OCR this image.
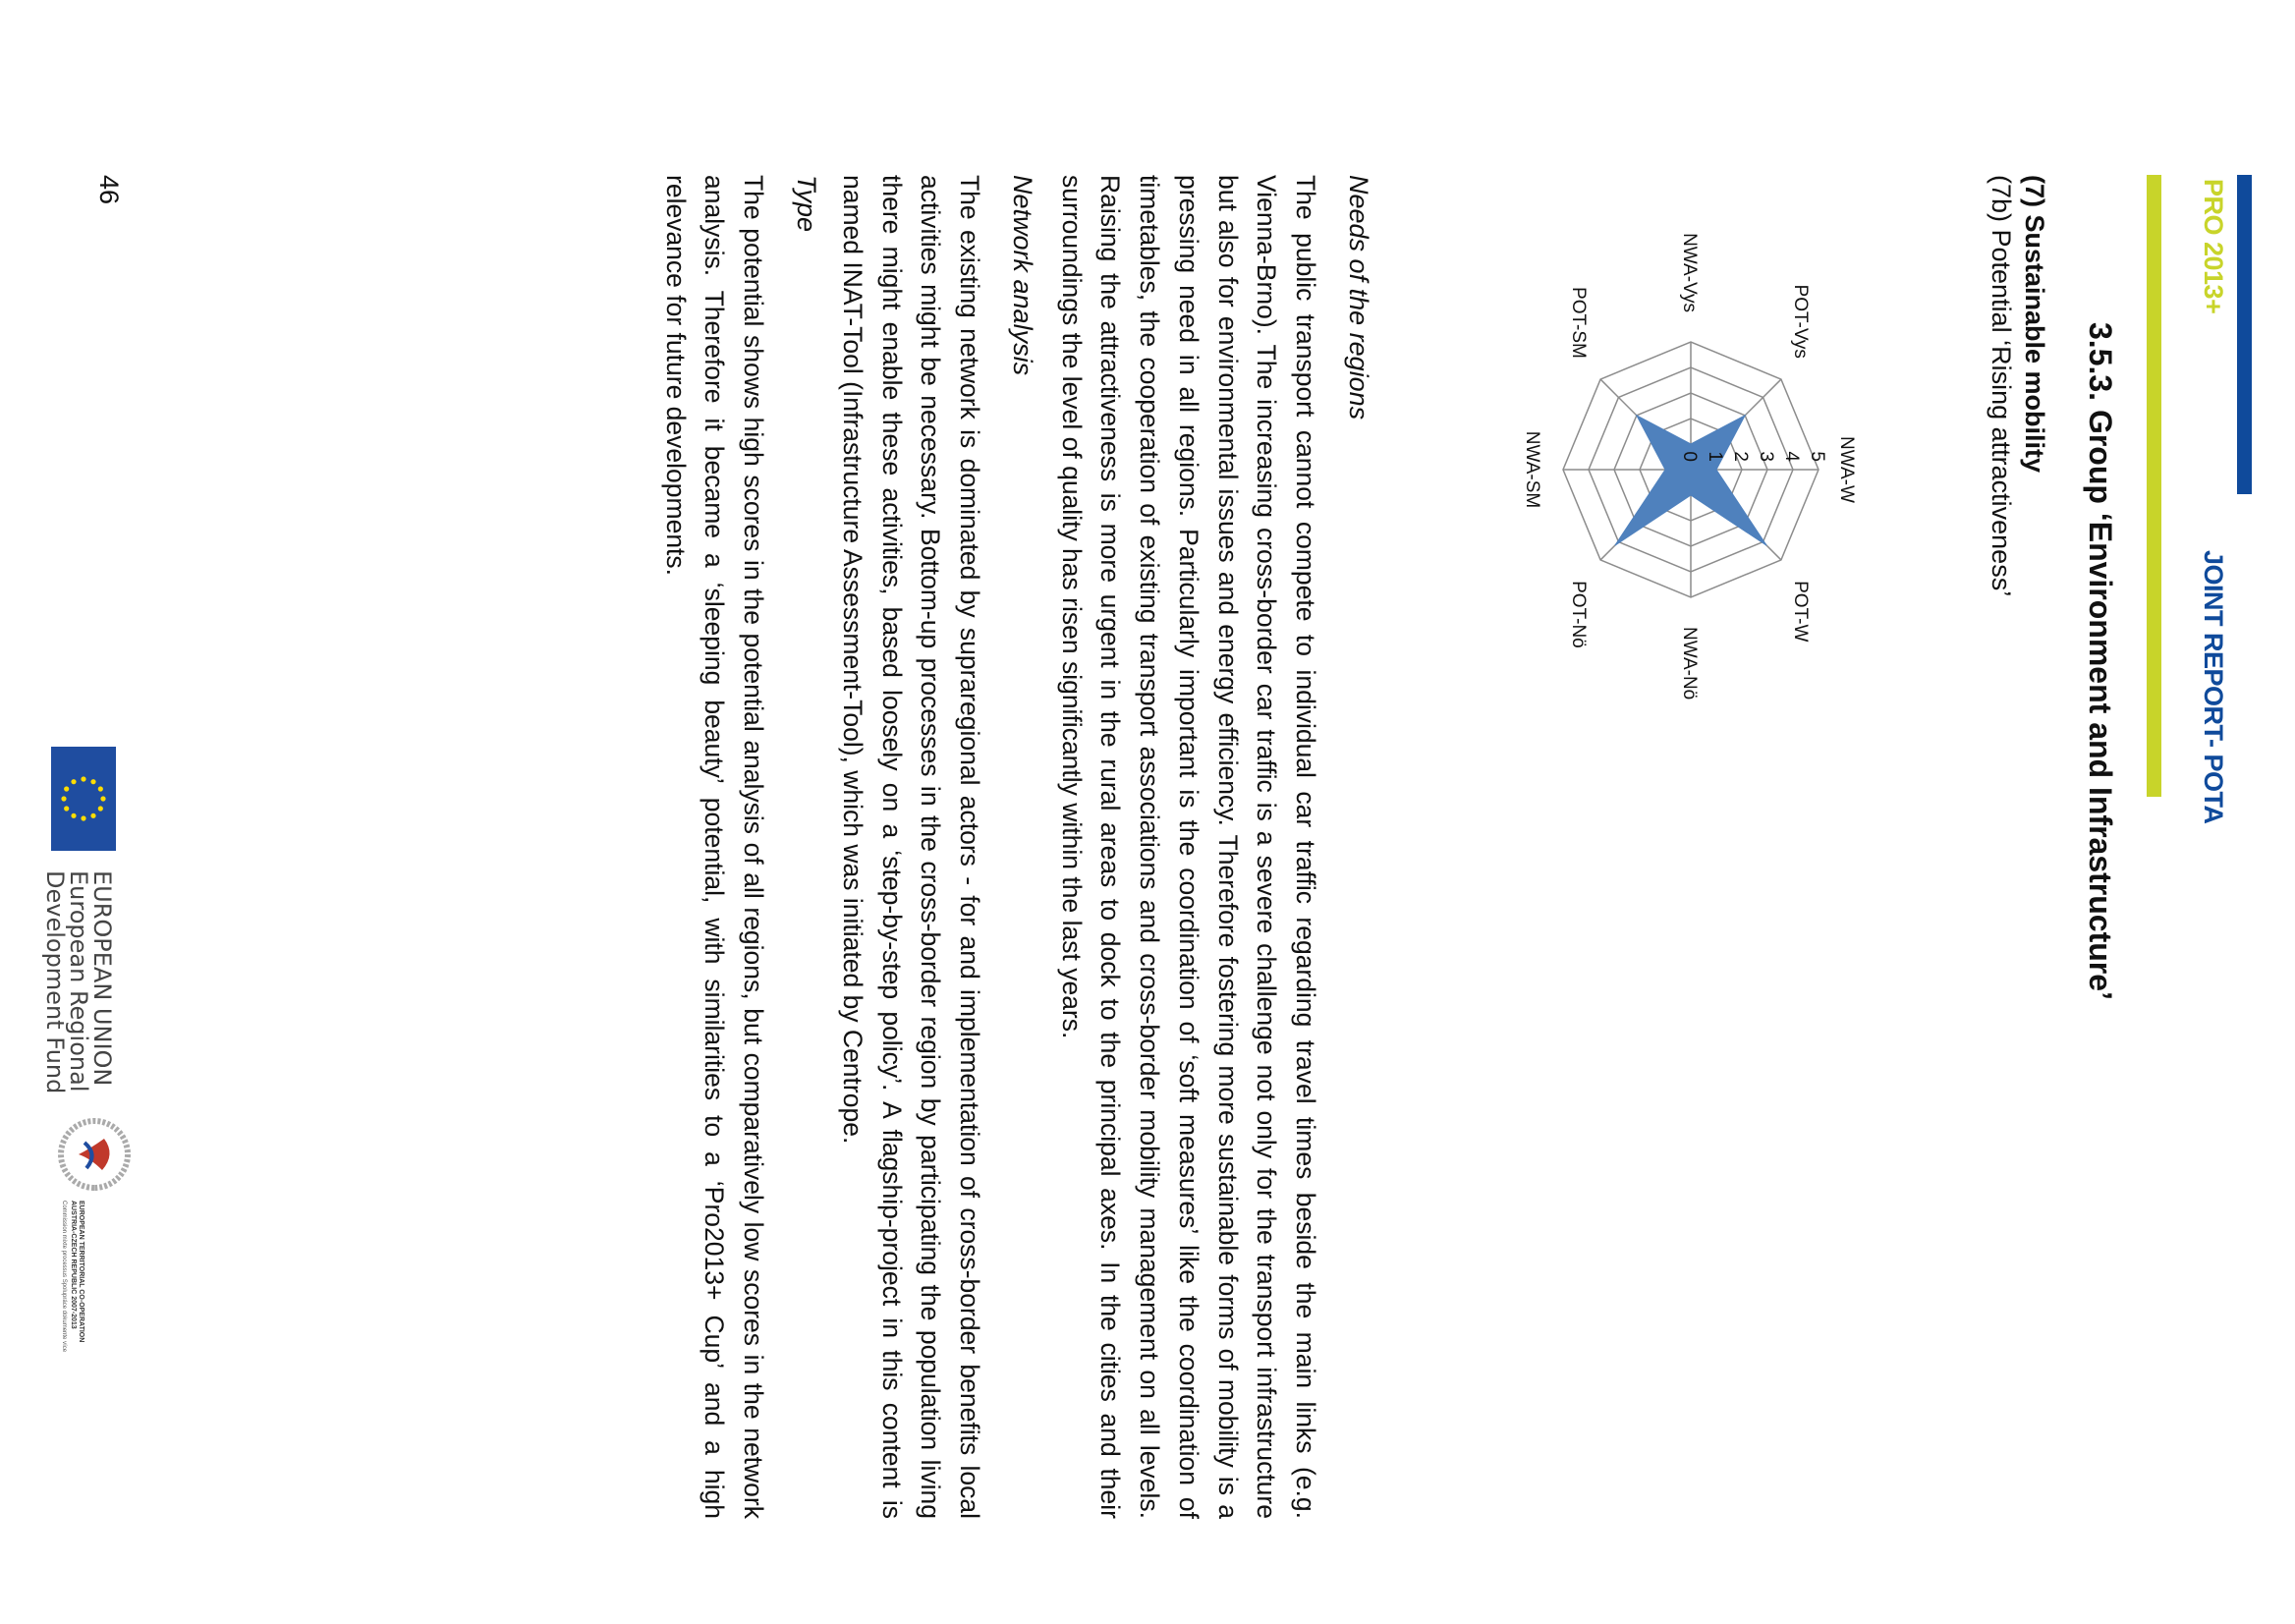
PRO 2013+
JOINT REPORT- POTA
3.5.3. Group ‘Environment and Infrastructure’
(7) Sustainable mobility
(7b) Potential ‘Rising attractiveness’
0 1 2 3 4 5 NWA-W
POT-W
NWA-Nö
POT-Nö
NWA-SM
POT-SM
NWA-Vys
POT-Vys
Needs of the regions

The public transport cannot compete to individual car traffic regarding travel times beside the main links (e.g. Vienna-Brno). The increasing cross-border car traffic is a severe challenge not only for the transport infrastructure but also for environmental issues and energy efficiency. Therefore fostering more sustainable forms of mobility is a pressing need in all regions. Particularly important is the coordination of ‘soft measures’ like the coordination of timetables, the cooperation of existing transport associations and cross-border mobility management on all levels. Raising the attractiveness is more urgent in the rural areas to dock to the principal axes. In the cities and their surroundings the level of quality has risen significantly within the last years.

Network analysis

The existing network is dominated by supraregional actors - for and implementation of cross-border benefits local activities might be necessary. Bottom-up processes in the cross-border region by participating the population living there might enable these activities, based loosely on a ‘step-by-step policy’. A flagship-project in this content is named INAT-Tool (Infrastructure Assessment-Tool), which was initiated by Centrope.

Type

The potential shows high scores in the potential analysis of all regions, but comparatively low scores in the network analysis. Therefore it became a ‘sleeping beauty’ potential, with similarities to a ‘Pro2013+ Cup’ and a high relevance for future developments.

46
EUROPEAN UNION
European Regional
Development Fund
EUROPEAN TERRITORIAL CO-OPERATION
AUSTRIA-CZECH REPUBLIC 2007-2013
Commission mixte processus Spolupráce dokumente více
